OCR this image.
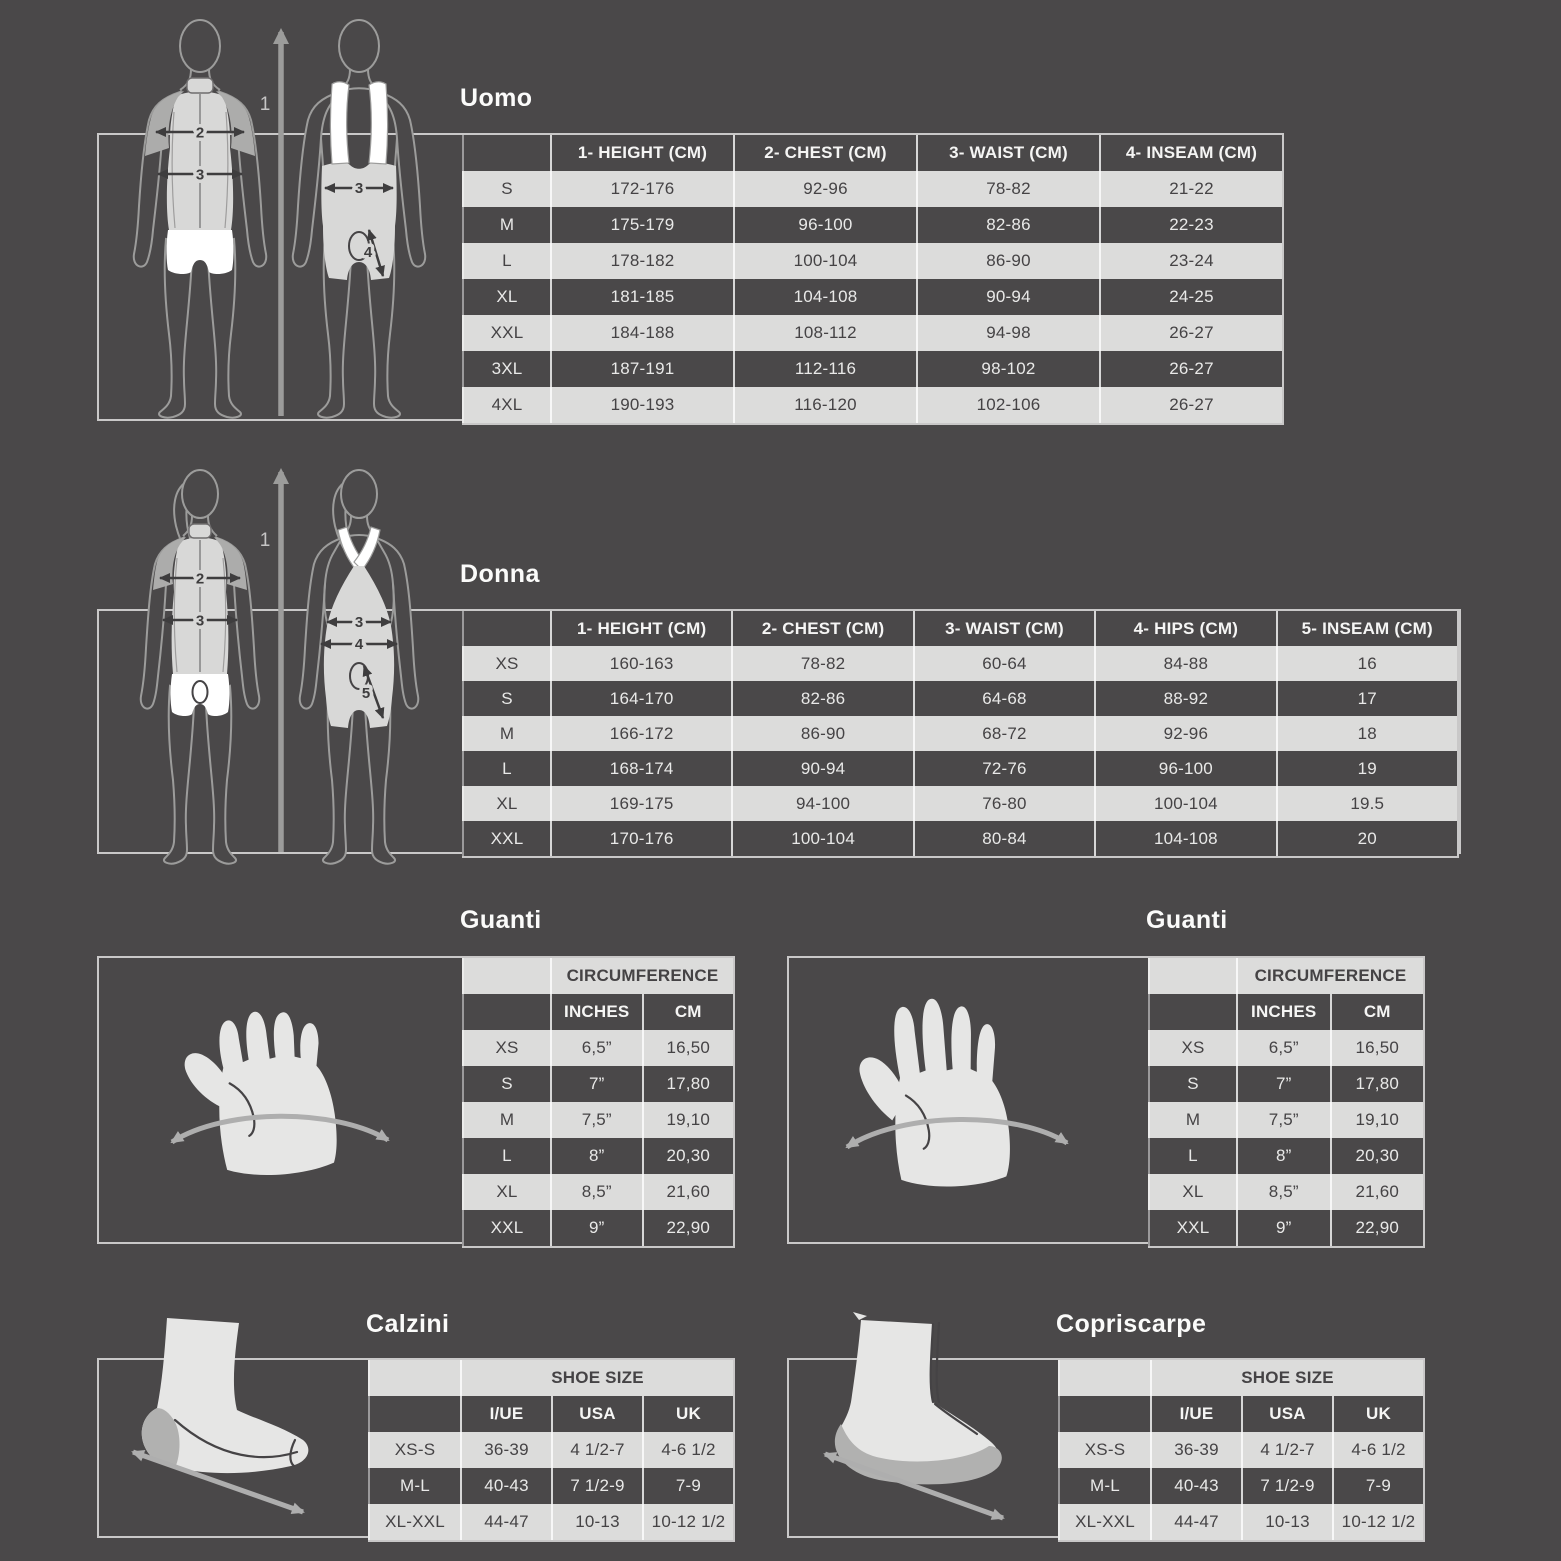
Uomo
	1- HEIGHT (CM)	2- CHEST (CM)	3- WAIST (CM)	4- INSEAM (CM)
S	172-176	92-96	78-82	21-22
M	175-179	96-100	82-86	22-23
L	178-182	100-104	86-90	23-24
XL	181-185	104-108	90-94	24-25
XXL	184-188	108-112	94-98	26-27
3XL	187-191	112-116	98-102	26-27
4XL	190-193	116-120	102-106	26-27
1
2
3
3
4
Donna
	1- HEIGHT (CM)	2- CHEST (CM)	3- WAIST (CM)	4- HIPS (CM)	5- INSEAM (CM)
XS	160-163	78-82	60-64	84-88	16
S	164-170	82-86	64-68	88-92	17
M	166-172	86-90	68-72	92-96	18
L	168-174	90-94	72-76	96-100	19
XL	169-175	94-100	76-80	100-104	19.5
XXL	170-176	100-104	80-84	104-108	20
1
2
3	3
4
5
Guanti
	CIRCUMFERENCE	
	INCHES	CM
XS	6,5”	16,50
S	7”	17,80
M	7,5”	19,10
L	8”	20,30
XL	8,5”	21,60
XXL	9”	22,90
Guanti
	CIRCUMFERENCE	
	INCHES	CM
XS	6,5”	16,50
S	7”	17,80
M	7,5”	19,10
L	8”	20,30
XL	8,5”	21,60
XXL	9”	22,90
Calzini
	SHOE SIZE		
	I/UE	USA	UK
XS-S	36-39	4 1/2-7	4-6 1/2
M-L	40-43	7 1/2-9	7-9
XL-XXL	44-47	10-13	10-12 1/2
Copriscarpe
	SHOE SIZE		
	I/UE	USA	UK
XS-S	36-39	4 1/2-7	4-6 1/2
M-L	40-43	7 1/2-9	7-9
XL-XXL	44-47	10-13	10-12 1/2
